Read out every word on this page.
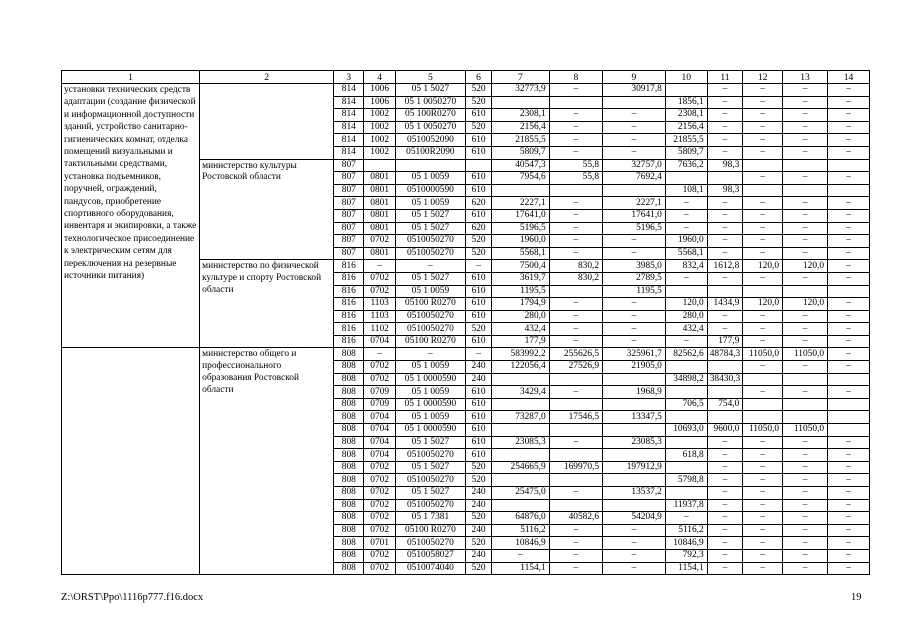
1	2	3	4	5	6	7	8	9	10	11	12	13	14
установки технических средств адаптации (создание физической и информационной доступности зданий, устройство санитарно-гигиенических комнат, отделка помещений визуальными и тактильными средствами, установка подъемников, поручней, ограждений, пандусов, приобретение спортивного оборудования, инвентаря и экипировки, а также технологическое присоединение к электрическим сетям для переключения на резервные источники питания)		814	1006	05 1 5027	520	32773,9	–	30917,8		–	–	–	–
		814	1006	05 1 0050270	520				1856,1	–	–	–	–
		814	1002	05 100R0270	610	2308,1	–	–	2308,1	–	–	–	–
		814	1002	05 1 0050270	520	2156,4	–	–	2156,4	–	–	–	–
		814	1002	0510052090	610	21855,5	–	–	21855,5	–	–	–	–
		814	1002	05100R2090	610	5809,7	–	–	5809,7	–	–	–	–
	министерство культуры Ростовской области	807				40547,3	55,8	32757,0	7636,2	98,3			
		807	0801	05 1 0059	610	7954,6	55,8	7692,4			–	–	–
		807	0801	0510000590	610				108,1	98,3			
		807	0801	05 1 0059	620	2227,1	–	2227,1	–	–	–	–	–
		807	0801	05 1 5027	610	17641,0	–	17641,0	–	–	–	–	–
		807	0801	05 1 5027	620	5196,5	–	5196,5	–	–	–	–	–
		807	0702	0510050270	520	1960,0	–	–	1960,0	–	–	–	–
		807	0801	0510050270	520	5568,1	–	–	5568,1	–	–	–	–
	министерство по физической культуре и спорту Ростовской области	816	–	–	–	7500,4	830,2	3985,0	832,4	1612,8	120,0	120,0	–
		816	0702	05 1 5027	610	3619,7	830,2	2789,5	–	–	–	–	–
		816	0702	05 1 0059	610	1195,5		1195,5					
		816	1103	05100 R0270	610	1794,9	–	–	120,0	1434,9	120,0	120,0	–
		816	1103	0510050270	610	280,0	–	–	280,0	–	–	–	–
		816	1102	0510050270	520	432,4	–	–	432,4	–	–	–	–
		816	0704	05100 R0270	610	177,9	–	–	–	177,9	–	–	–
	министерство общего и профессионального образования Ростовской области	808	–	–	–	583992,2	255626,5	325961,7	82562,6	48784,3	11050,0	11050,0	–
		808	0702	05 1 0059	240	122056,4	27526,9	21905,0			–	–	–
		808	0702	05 1 0000590	240				34898,2	38430,3			
		808	0709	05 1 0059	610	3429,4	–	1968,9			–	–	–
		808	0709	05 1 0000590	610				706,5	754,0			
		808	0704	05 1 0059	610	73287,0	17546,5	13347,5					
		808	0704	05 1 0000590	610				10693,0	9600,0	11050,0	11050,0	
		808	0704	05 1 5027	610	23085,3	–	23085,3		–	–	–	–
		808	0704	0510050270	610				618,8	–	–	–	–
		808	0702	05 1 5027	520	254665,9	169970,5	197912,9		–	–	–	–
		808	0702	0510050270	520				5798,8	–	–	–	–
		808	0702	05 1 5027	240	25475,0	–	13537,2		–	–	–	–
		808	0702	0510050270	240				11937,8	–	–	–	–
		808	0702	05 1 7381	520	64876,0	40582,6	54204,9	–	–	–	–	–
		808	0702	05100 R0270	240	5116,2	–	–	5116,2	–	–	–	–
		808	0701	0510050270	520	10846,9	–	–	10846,9	–	–	–	–
		808	0702	0510058027	240	–	–	–	792,3	–	–	–	–
		808	0702	0510074040	520	1154,1	–	–	1154,1	–	–	–	–
Z:\ORST\Ppo\1116p777.f16.docx	19
